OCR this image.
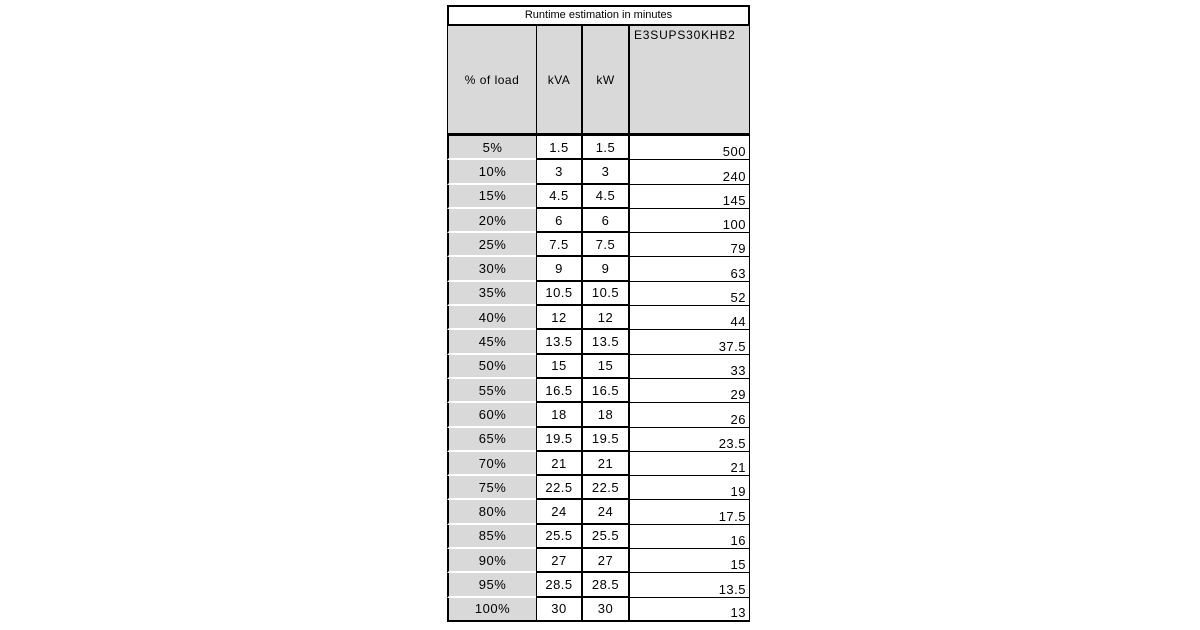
Runtime estimation in minutes
% of load	kVA	kW	E3SUPS30KHB2
5%	1.5	1.5	500
10%	3	3	240
15%	4.5	4.5	145
20%	6	6	100
25%	7.5	7.5	79
30%	9	9	63
35%	10.5	10.5	52
40%	12	12	44
45%	13.5	13.5	37.5
50%	15	15	33
55%	16.5	16.5	29
60%	18	18	26
65%	19.5	19.5	23.5
70%	21	21	21
75%	22.5	22.5	19
80%	24	24	17.5
85%	25.5	25.5	16
90%	27	27	15
95%	28.5	28.5	13.5
100%	30	30	13
